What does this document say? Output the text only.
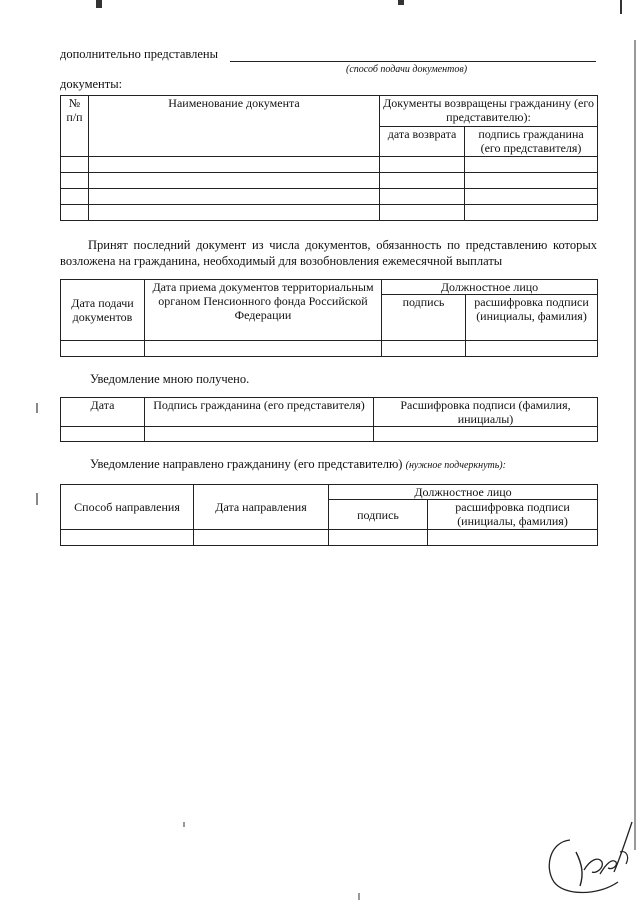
дополнительно представлены
(способ подачи документов)
документы:
№ п/п	Наименование документа	Документы возвращены гражданину (его представителю):	
		дата возврата	подпись гражданина (его представителя)

Принят последний документ из числа документов, обязанность по представлению которых возложена на гражданина, необходимый для возобновления ежемесячной выплаты
Дата подачи документов	Дата приема документов территориальным органом Пенсионного фонда Российской Федерации	Должностное лицо	
		подпись	расшифровка подписи (инициалы, фамилия)

Уведомление мною получено.
Дата	Подпись гражданина (его представителя)	Расшифровка подписи (фамилия, инициалы)

Уведомление направлено гражданину (его представителю) (нужное подчеркнуть):
Способ направления	Дата направления	Должностное лицо	
		подпись	расшифровка подписи (инициалы, фамилия)
